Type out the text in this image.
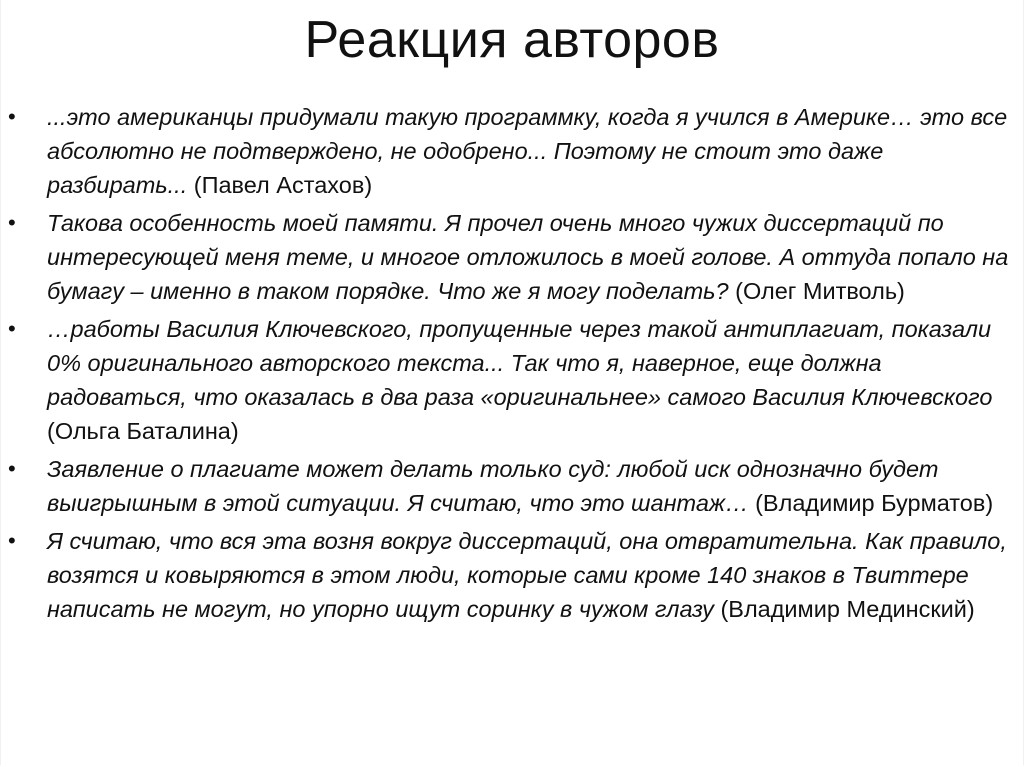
Реакция авторов
•	...это американцы придумали такую программку, когда я учился в Америке… это все абсолютно не подтверждено, не одобрено... Поэтому не стоит это даже разбирать... (Павел Астахов)
•	Такова особенность моей памяти. Я прочел очень много чужих диссертаций по интересующей меня теме, и многое отложилось в моей голове. А оттуда попало на бумагу – именно в таком порядке. Что же я могу поделать? (Олег Митволь)
•	…работы Василия Ключевского, пропущенные через такой антиплагиат, показали 0% оригинального авторского текста... Так что я, наверное, еще должна радоваться, что оказалась в два раза «оригинальнее» самого Василия Ключевского (Ольга Баталина)
•	Заявление о плагиате может делать только суд: любой иск однозначно будет выигрышным в этой ситуации. Я считаю, что это шантаж… (Владимир Бурматов)
•	Я считаю, что вся эта возня вокруг диссертаций, она отвратительна. Как правило, возятся и ковыряются в этом люди, которые сами кроме 140 знаков в Твиттере написать не могут, но упорно ищут соринку в чужом глазу (Владимир Мединский)
